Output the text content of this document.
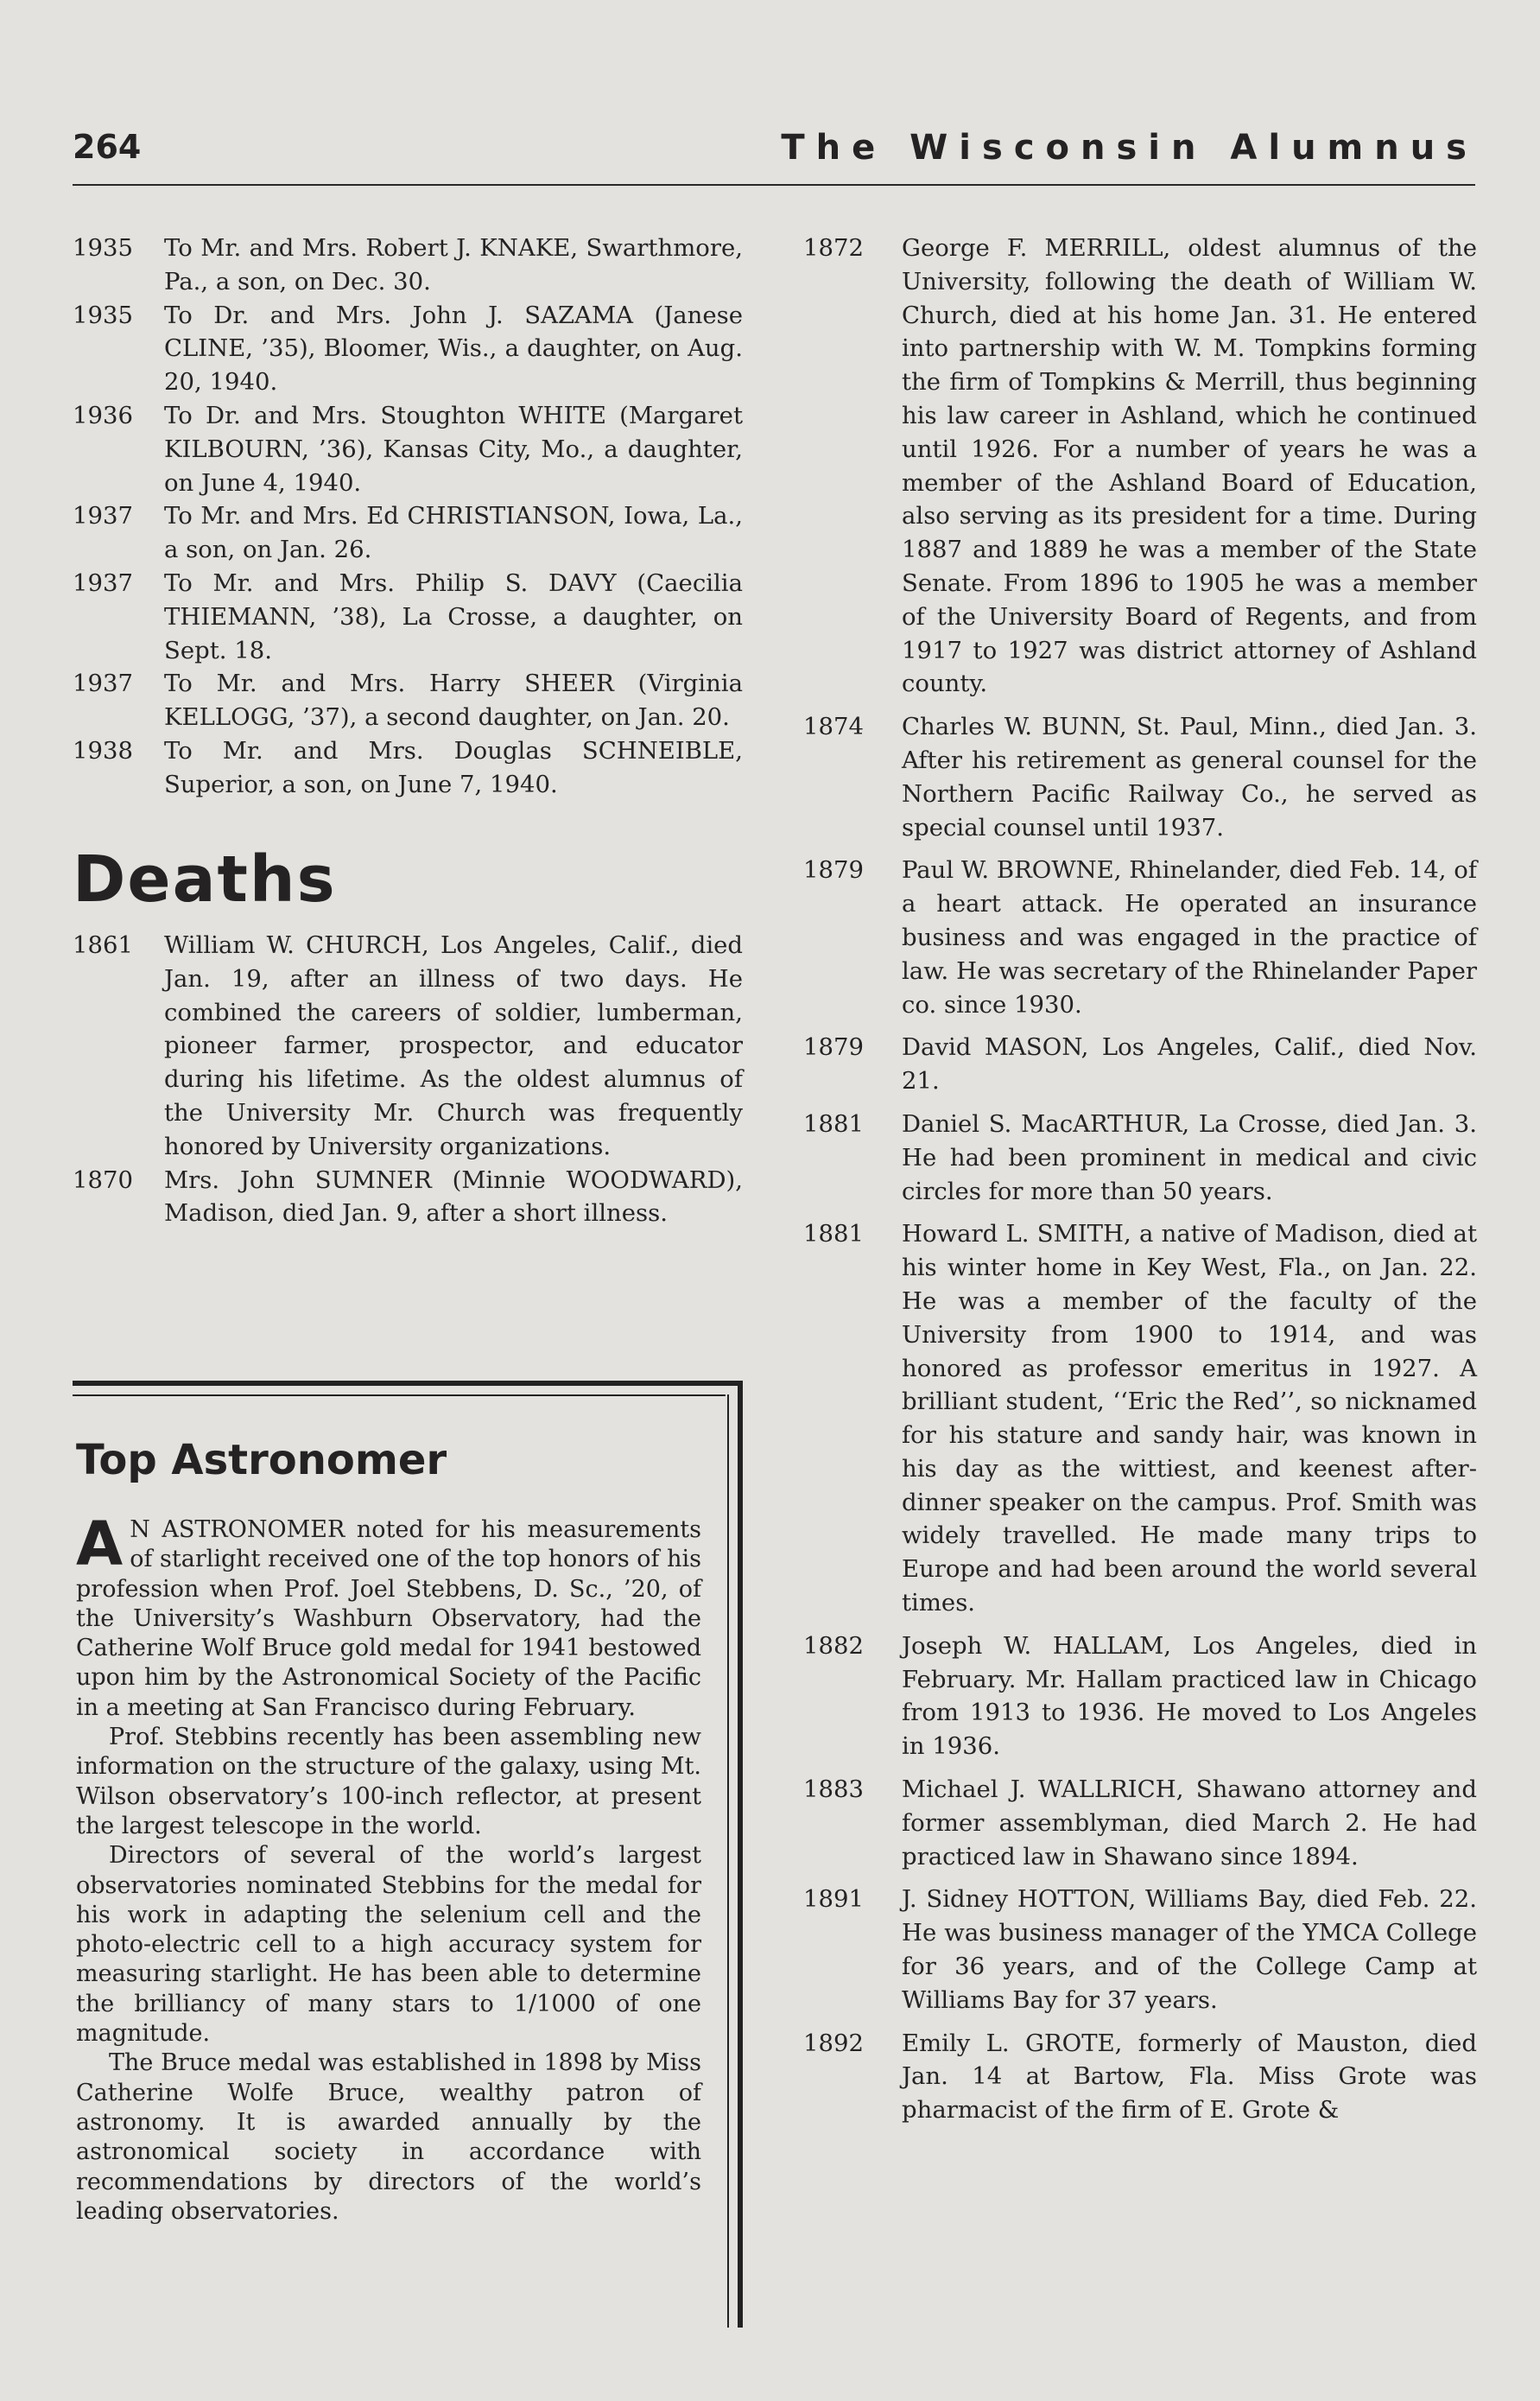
264	The Wisconsin Alumnus
1935	To Mr. and Mrs. Robert J. KNAKE, Swarthmore, Pa., a son, on Dec. 30.
1935	To Dr. and Mrs. John J. SAZAMA (Janese CLINE, ’35), Bloomer, Wis., a daughter, on Aug. 20, 1940.
1936	To Dr. and Mrs. Stoughton WHITE (Margaret KILBOURN, ’36), Kansas City, Mo., a daughter, on June 4, 1940.
1937	To Mr. and Mrs. Ed CHRISTIANSON, Iowa, La., a son, on Jan. 26.
1937	To Mr. and Mrs. Philip S. DAVY (Caecilia THIEMANN, ’38), La Crosse, a daughter, on Sept. 18.
1937	To Mr. and Mrs. Harry SHEER (Virginia KELLOGG, ’37), a second daughter, on Jan. 20.
1938	To Mr. and Mrs. Douglas SCHNEIBLE, Superior, a son, on June 7, 1940.
Deaths
1861	William W. CHURCH, Los Angeles, Calif., died Jan. 19, after an illness of two days. He combined the careers of soldier, lumberman, pioneer farmer, prospector, and educator during his lifetime. As the oldest alumnus of the University Mr. Church was frequently honored by University organizations.
1870	Mrs. John SUMNER (Minnie WOODWARD), Madison, died Jan. 9, after a short illness.
Top Astronomer

A N ASTRONOMER noted for his measurements of starlight received one of the top honors of his profession when Prof. Joel Stebbens, D. Sc., ’20, of the University’s Washburn Observatory, had the Catherine Wolf Bruce gold medal for 1941 bestowed upon him by the Astronomical Society of the Pacific in a meeting at San Francisco during February.

Prof. Stebbins recently has been assembling new information on the structure of the galaxy, using Mt. Wilson observatory’s 100-inch reflector, at present the largest telescope in the world.

Directors of several of the world’s largest observatories nominated Stebbins for the medal for his work in adapting the selenium cell and the photo-electric cell to a high accuracy system for measuring starlight. He has been able to determine the brilliancy of many stars to 1/1000 of one magnitude.

The Bruce medal was established in 1898 by Miss Catherine Wolfe Bruce, wealthy patron of astronomy. It is awarded annually by the astronomical society in accordance with recommendations by directors of the world’s leading observatories.

1872	George F. MERRILL, oldest alumnus of the University, following the death of William W. Church, died at his home Jan. 31. He entered into partnership with W. M. Tompkins forming the firm of Tompkins & Merrill, thus beginning his law career in Ashland, which he continued until 1926. For a number of years he was a member of the Ashland Board of Education, also serving as its president for a time. During 1887 and 1889 he was a member of the State Senate. From 1896 to 1905 he was a member of the University Board of Regents, and from 1917 to 1927 was district attorney of Ashland county.
1874	Charles W. BUNN, St. Paul, Minn., died Jan. 3. After his retirement as general counsel for the Northern Pacific Railway Co., he served as special counsel until 1937.
1879	Paul W. BROWNE, Rhinelander, died Feb. 14, of a heart attack. He operated an insurance business and was engaged in the practice of law. He was secretary of the Rhinelander Paper co. since 1930.
1879	David MASON, Los Angeles, Calif., died Nov. 21.
1881	Daniel S. MacARTHUR, La Crosse, died Jan. 3. He had been prominent in medical and civic circles for more than 50 years.
1881	Howard L. SMITH, a native of Madison, died at his winter home in Key West, Fla., on Jan. 22. He was a member of the faculty of the University from 1900 to 1914, and was honored as professor emeritus in 1927. A brilliant student, ‘‘Eric the Red’’, so nicknamed for his stature and sandy hair, was known in his day as the wittiest, and keenest after-dinner speaker on the campus. Prof. Smith was widely travelled. He made many trips to Europe and had been around the world several times.
1882	Joseph W. HALLAM, Los Angeles, died in February. Mr. Hallam practiced law in Chicago from 1913 to 1936. He moved to Los Angeles in 1936.
1883	Michael J. WALLRICH, Shawano attorney and former assemblyman, died March 2. He had practiced law in Shawano since 1894.
1891	J. Sidney HOTTON, Williams Bay, died Feb. 22. He was business manager of the YMCA College for 36 years, and of the College Camp at Williams Bay for 37 years.
1892	Emily L. GROTE, formerly of Mauston, died Jan. 14 at Bartow, Fla. Miss Grote was pharmacist of the firm of E. Grote &
